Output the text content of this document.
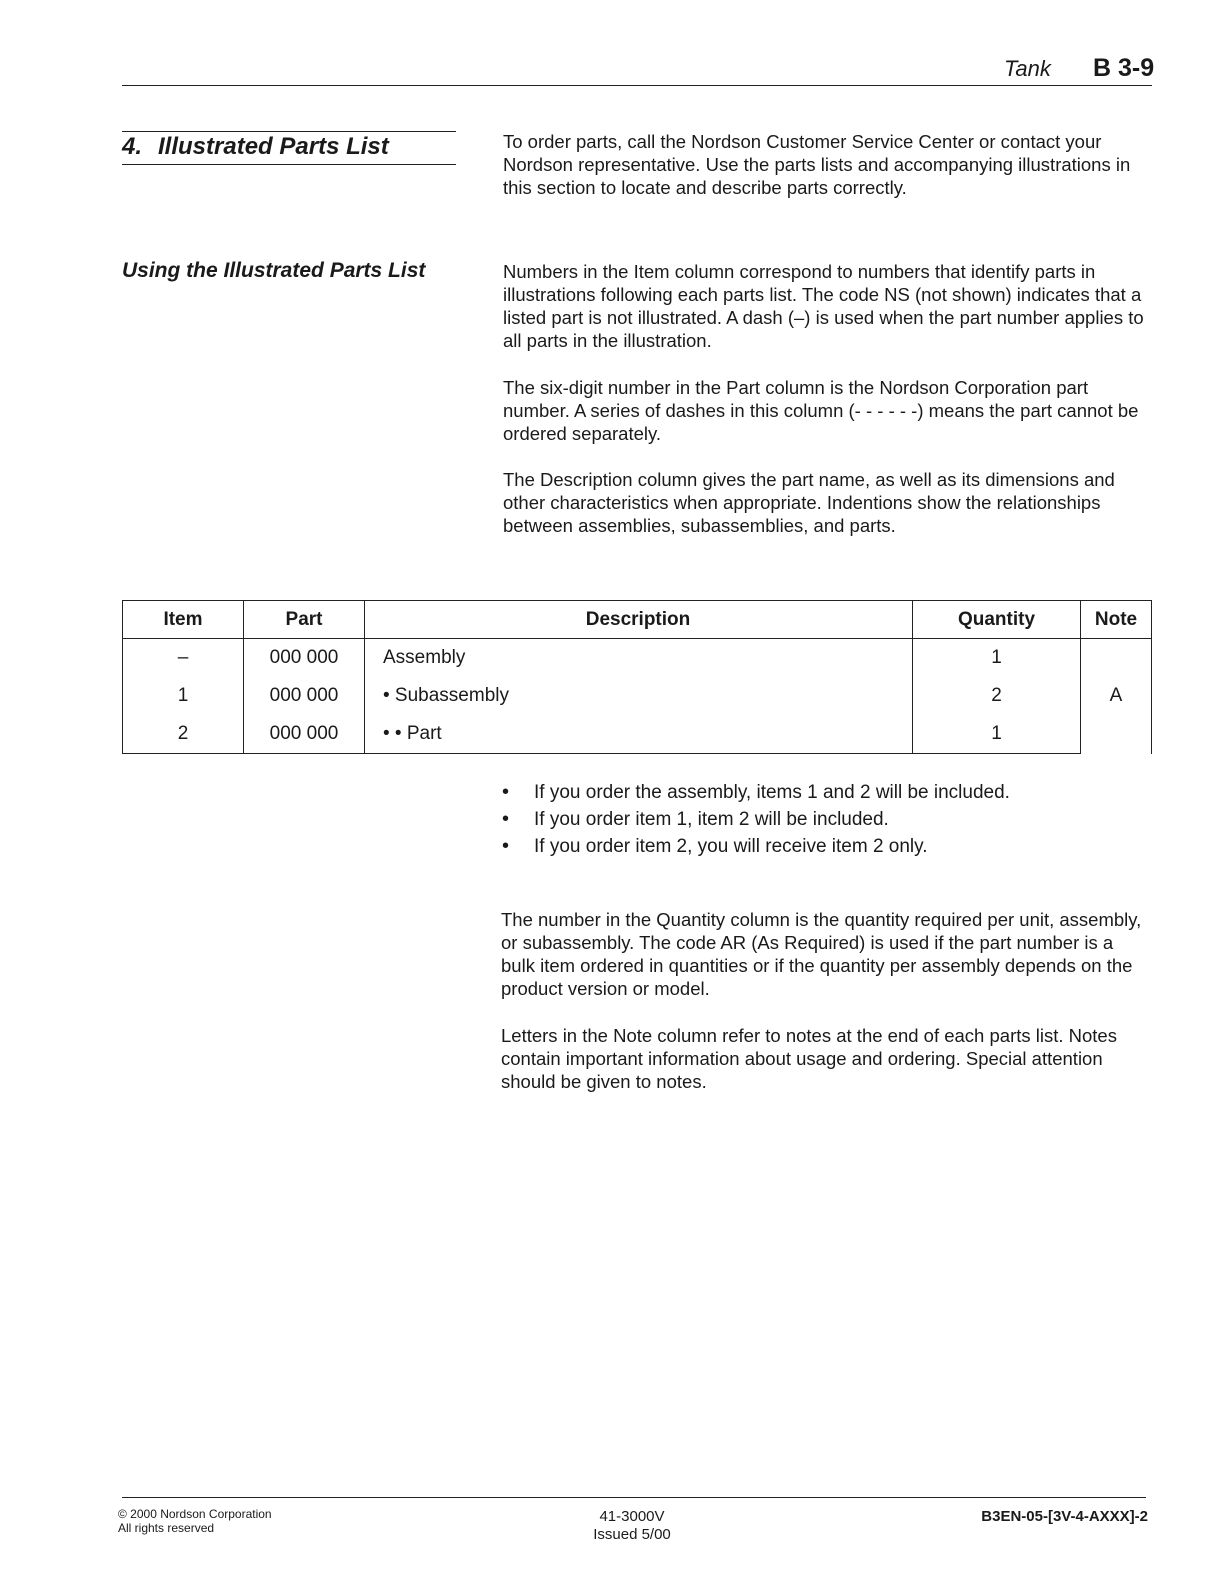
Tank B 3-9
4. Illustrated Parts List	To order parts, call the Nordson Customer Service Center or contact your Nordson representative. Use the parts lists and accompanying illustrations in this section to locate and describe parts correctly.

Using the Illustrated Parts List	Numbers in the Item column correspond to numbers that identify parts in illustrations following each parts list. The code NS (not shown) indicates that a listed part is not illustrated. A dash (–) is used when the part number applies to all parts in the illustration.

The six-digit number in the Part column is the Nordson Corporation part number. A series of dashes in this column (- - - - - -) means the part cannot be ordered separately.

The Description column gives the part name, as well as its dimensions and other characteristics when appropriate. Indentions show the relationships between assemblies, subassemblies, and parts.

Item	Part	Description	Quantity	Note
–	000 000	Assembly	1	A
1	000 000	• Subassembly	2	
2	000 000	• • Part	1	
• If you order the assembly, items 1 and 2 will be included.
• If you order item 1, item 2 will be included.
• If you order item 2, you will receive item 2 only.

The number in the Quantity column is the quantity required per unit, assembly, or subassembly. The code AR (As Required) is used if the part number is a bulk item ordered in quantities or if the quantity per assembly depends on the product version or model.

Letters in the Note column refer to notes at the end of each parts list. Notes contain important information about usage and ordering. Special attention should be given to notes.

© 2000 Nordson Corporation
All rights reserved
41-3000V
Issued 5/00
B3EN-05-[3V-4-AXXX]-2
